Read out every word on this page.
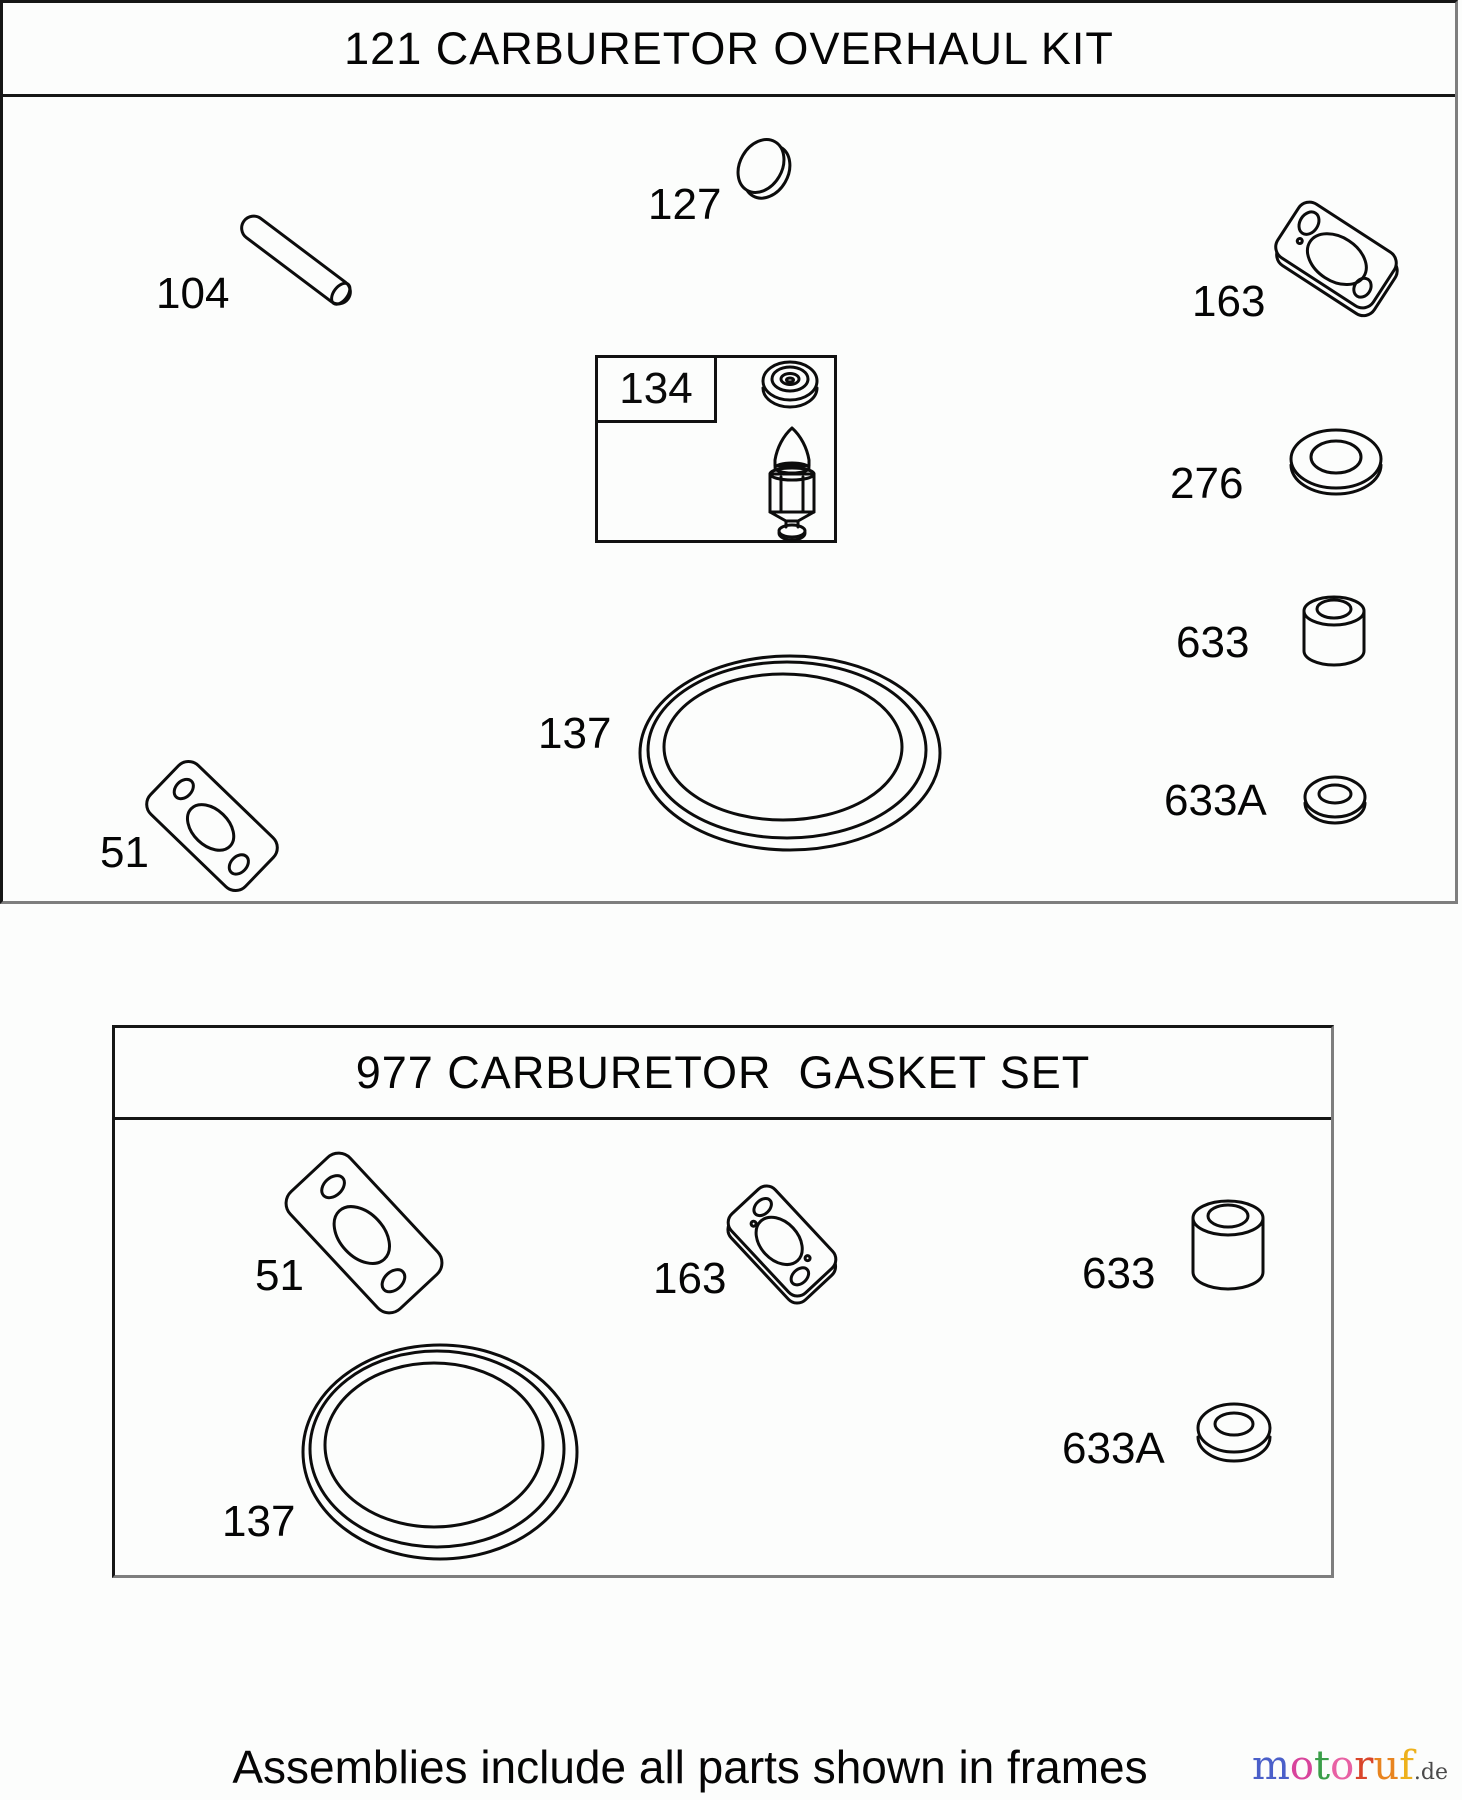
121 CARBURETOR OVERHAUL KIT
977 CARBURETOR  GASKET SET
134
104
127
163
276
633
137
633A
51
51	163	633
137
633A
Assemblies include all parts shown in frames	motoruf.de
